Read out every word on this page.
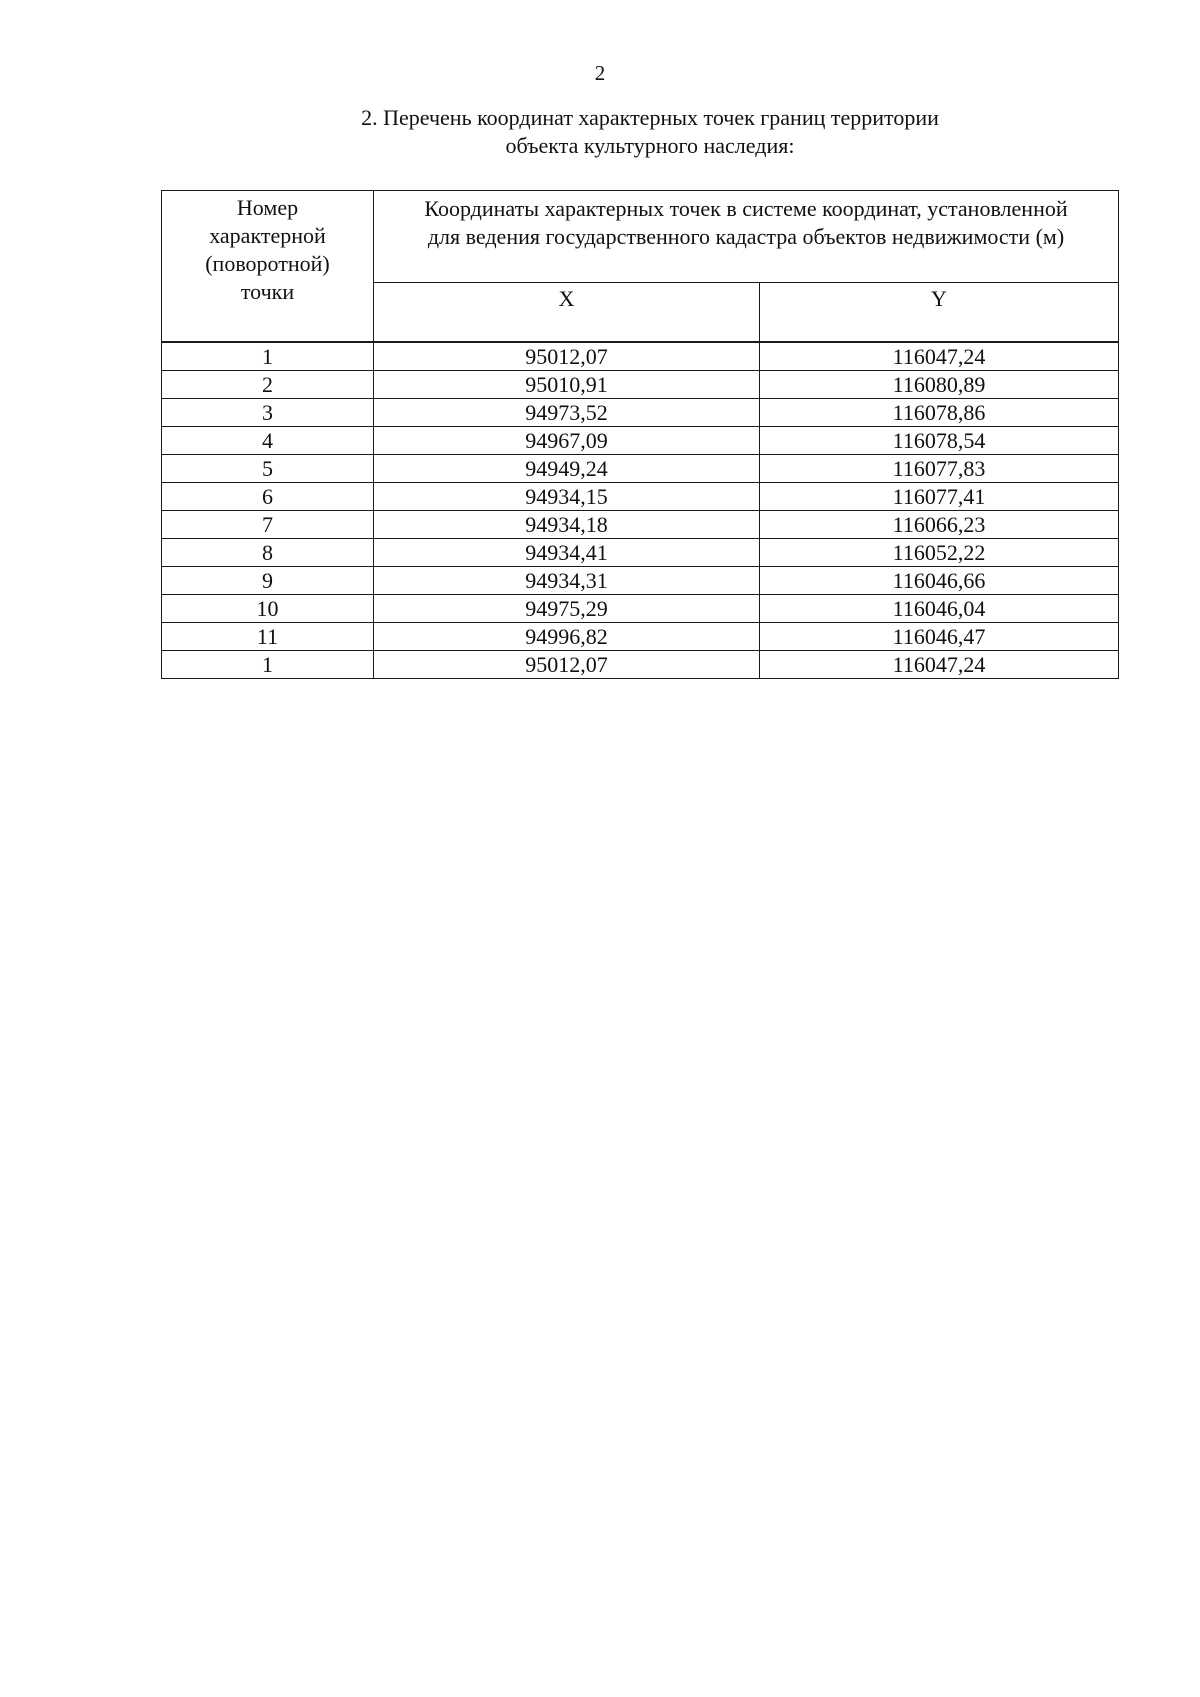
2
2. Перечень координат характерных точек границ территории
объекта культурного наследия:
Номер
характерной
(поворотной)
точки	Координаты характерных точек в системе координат, установленной
для ведения государственного кадастра объектов недвижимости (м)	

	X	Y
1	95012,07	116047,24
2	95010,91	116080,89
3	94973,52	116078,86
4	94967,09	116078,54
5	94949,24	116077,83
6	94934,15	116077,41
7	94934,18	116066,23
8	94934,41	116052,22
9	94934,31	116046,66
10	94975,29	116046,04
11	94996,82	116046,47
1	95012,07	116047,24
